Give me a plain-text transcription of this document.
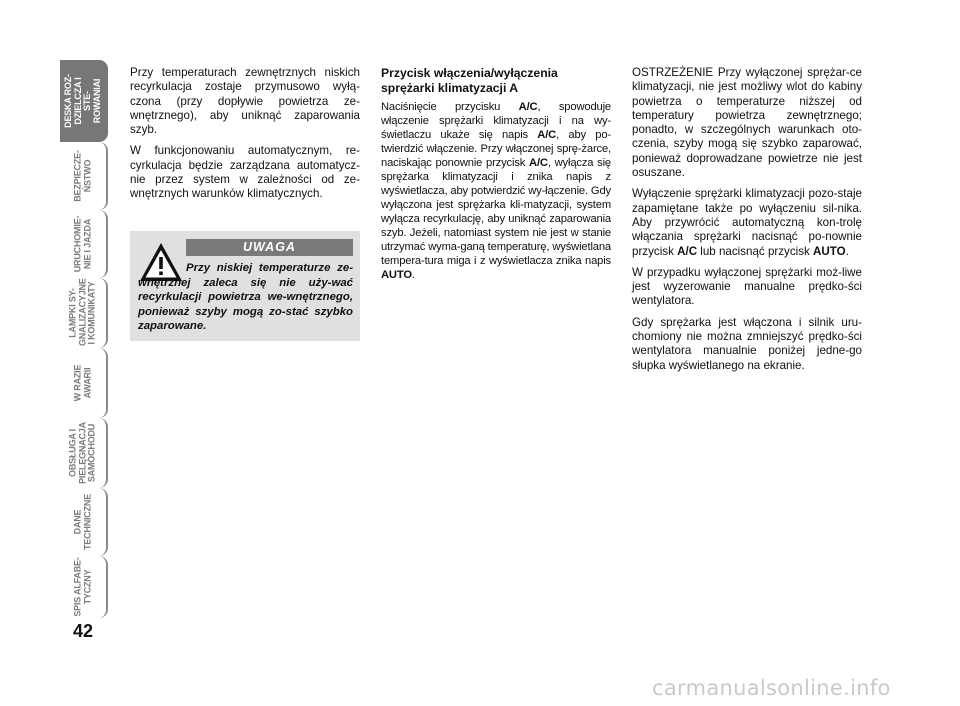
DESKA ROZ-
DZIELCZA I STE-
ROWANIAI
BEZPIECZE-
ŃSTWO
URUCHOMIE-
NIE I JAZDA
LAMPKI SY-
GNALIZACYJNE
I KOMUNIKATY
W RAZIE
AWARII
OBSŁUGA I
PIELĘGNACJA
SAMOCHODU
DANE
TECHNICZNE
SPIS ALFABE-
TYCZNY
42

Przy temperaturach zewnętrznych niskich recyrkulacja zostaje przymusowo wyłą-czona (przy dopływie powietrza ze-wnętrznego), aby uniknąć zaparowania szyb.

W funkcjonowaniu automatycznym, re-cyrkulacja będzie zarządzana automatycz-nie przez system w zależności od ze-wnętrznych warunków klimatycznych.

UWAGA
Przy niskiej temperaturze ze-wnętrznej zaleca się nie uży-wać recyrkulacji powietrza we-wnętrznego, ponieważ szyby mogą zo-stać szybko zaparowane.

Przycisk włączenia/wyłączenia sprężarki klimatyzacji A

Naciśnięcie przycisku A/C, spowoduje włączenie sprężarki klimatyzacji i na wy-świetlaczu ukaże się napis A/C, aby po-twierdzić włączenie. Przy włączonej sprę-żarce, naciskając ponownie przycisk A/C, wyłącza się sprężarka klimatyzacji i znika napis z wyświetlacza, aby potwierdzić wy-łączenie. Gdy wyłączona jest sprężarka kli-matyzacji, system wyłącza recyrkulację, aby uniknąć zaparowania szyb. Jeżeli, natomiast system nie jest w stanie utrzymać wyma-ganą temperaturę, wyświetlana tempera-tura miga i z wyświetlacza znika napis AUTO.

OSTRZEŻENIE Przy wyłączonej sprężar-ce klimatyzacji, nie jest możliwy wlot do kabiny powietrza o temperaturze niższej od temperatury powietrza zewnętrznego; ponadto, w szczególnych warunkach oto-czenia, szyby mogą się szybko zaparować, ponieważ doprowadzane powietrze nie jest osuszane.

Wyłączenie sprężarki klimatyzacji pozo-staje zapamiętane także po wyłączeniu sil-nika. Aby przywrócić automatyczną kon-trolę włączania sprężarki nacisnąć po-nownie przycisk A/C lub nacisnąć przycisk AUTO.

W przypadku wyłączonej sprężarki moż-liwe jest wyzerowanie manualne prędko-ści wentylatora.

Gdy sprężarka jest włączona i silnik uru-chomiony nie można zmniejszyć prędko-ści wentylatora manualnie poniżej jedne-go słupka wyświetlanego na ekranie.

carmanualsonline.info
